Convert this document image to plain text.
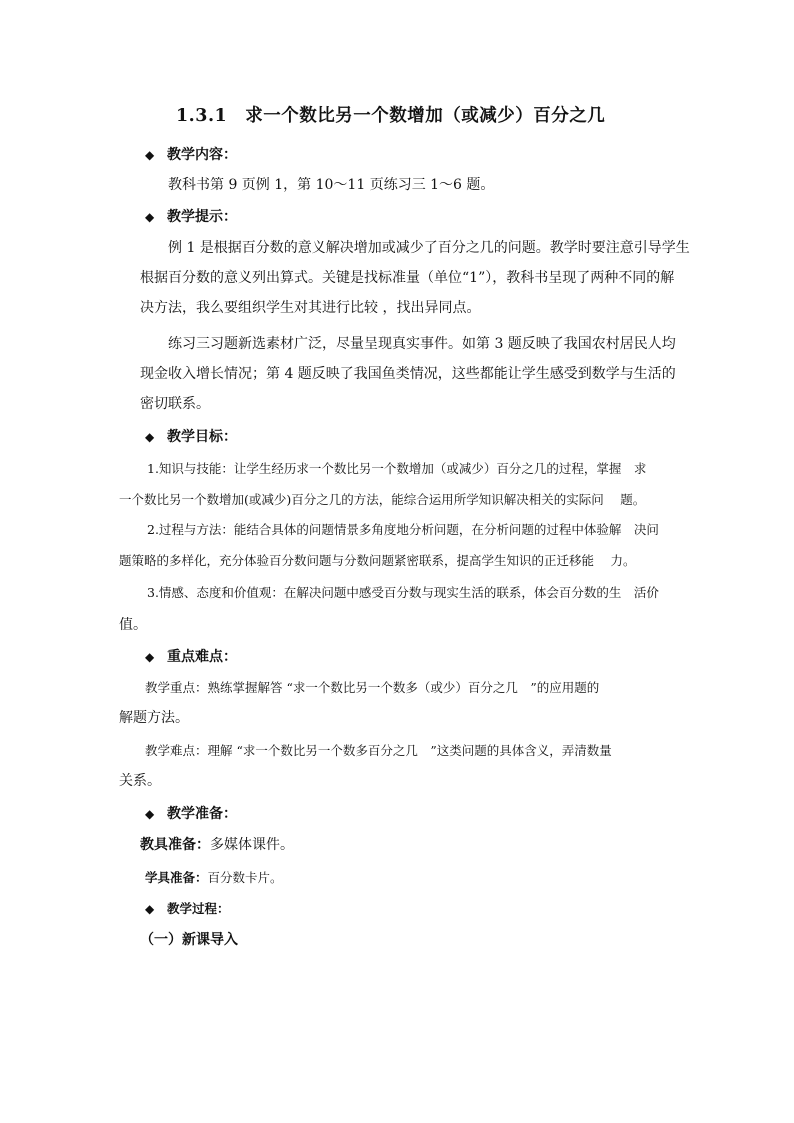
1.3.1　求一个数比另一个数增加（或减少）百分之几
◆ 教学内容：
教科书第 9 页例 1，第 10～11 页练习三 1～6 题。
◆ 教学提示：
例 1 是根据百分数的意义解决增加或减少了百分之几的问题。教学时要注意引导学生
根据百分数的意义列出算式。关键是找标准量（单位“1”），教科书呈现了两种不同的解
决方法，我么要组织学生对其进行比较 ，找出异同点。
练习三习题新选素材广泛，尽量呈现真实事件。如第 3 题反映了我国农村居民人均
现金收入增长情况；第 4 题反映了我国鱼类情况，这些都能让学生感受到数学与生活的
密切联系。
◆ 教学目标：
1.知识与技能：让学生经历求一个数比另一个数增加（或减少）百分之几的过程，掌握　求
一个数比另一个数增加(或减少)百分之几的方法，能综合运用所学知识解决相关的实际问　 题。
2.过程与方法：能结合具体的问题情景多角度地分析问题，在分析问题的过程中体验解　决问
题策略的多样化，充分体验百分数问题与分数问题紧密联系，提高学生知识的正迁移能　 力。
3.情感、态度和价值观：在解决问题中感受百分数与现实生活的联系，体会百分数的生　活价
值。
◆ 重点难点：
教学重点：熟练掌握解答 “求一个数比另一个数多（或少）百分之几　”的应用题的
解题方法。
教学难点：理解 “求一个数比另一个数多百分之几　”这类问题的具体含义，弄清数量
关系。
◆ 教学准备：
教具准备：多媒体课件。
学具准备：百分数卡片。
◆ 教学过程：
（一）新课导入
